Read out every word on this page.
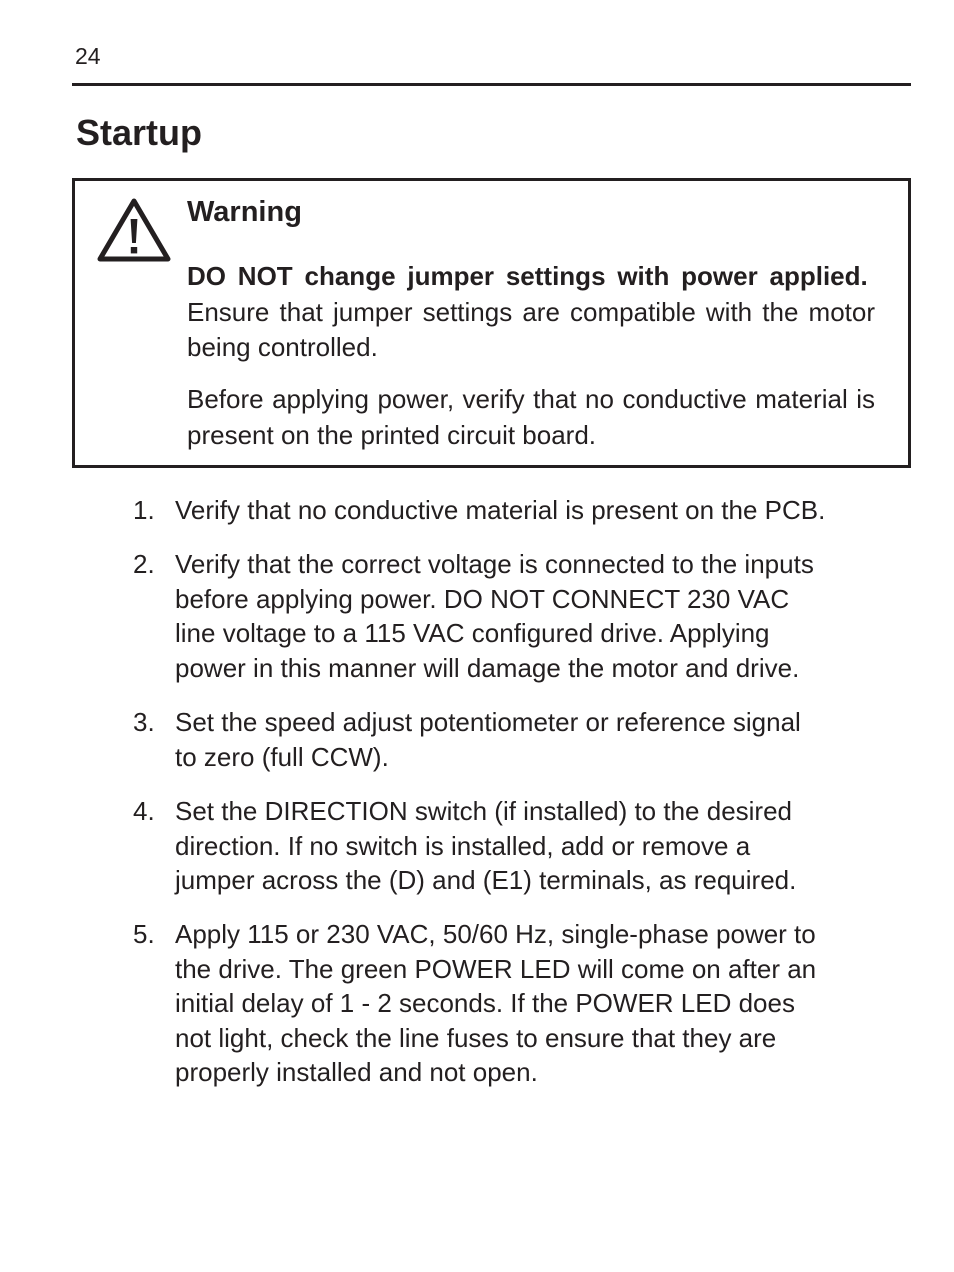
24
Startup
Warning

DO NOT change jumper settings with power applied.  Ensure that jumper settings are compatible with the motor being controlled.

Before applying power, verify that no conductive material is present on the printed circuit board.

1. Verify that no conductive material is present on the PCB.
2. Verify that the correct voltage is connected to the inputs
before applying power. DO NOT CONNECT 230 VAC
line voltage to a 115 VAC configured drive. Applying
power in this manner will damage the motor and drive.
3. Set the speed adjust potentiometer or reference signal
to zero (full CCW).
4. Set the DIRECTION switch (if installed) to the desired
direction. If no switch is installed, add or remove a
jumper across the (D) and (E1) terminals, as required.
5. Apply 115 or 230 VAC, 50/60 Hz, single-phase power to
the drive. The green POWER LED will come on after an
initial delay of 1 - 2 seconds. If the POWER LED does
not light, check the line fuses to ensure that they are
properly installed and not open.
